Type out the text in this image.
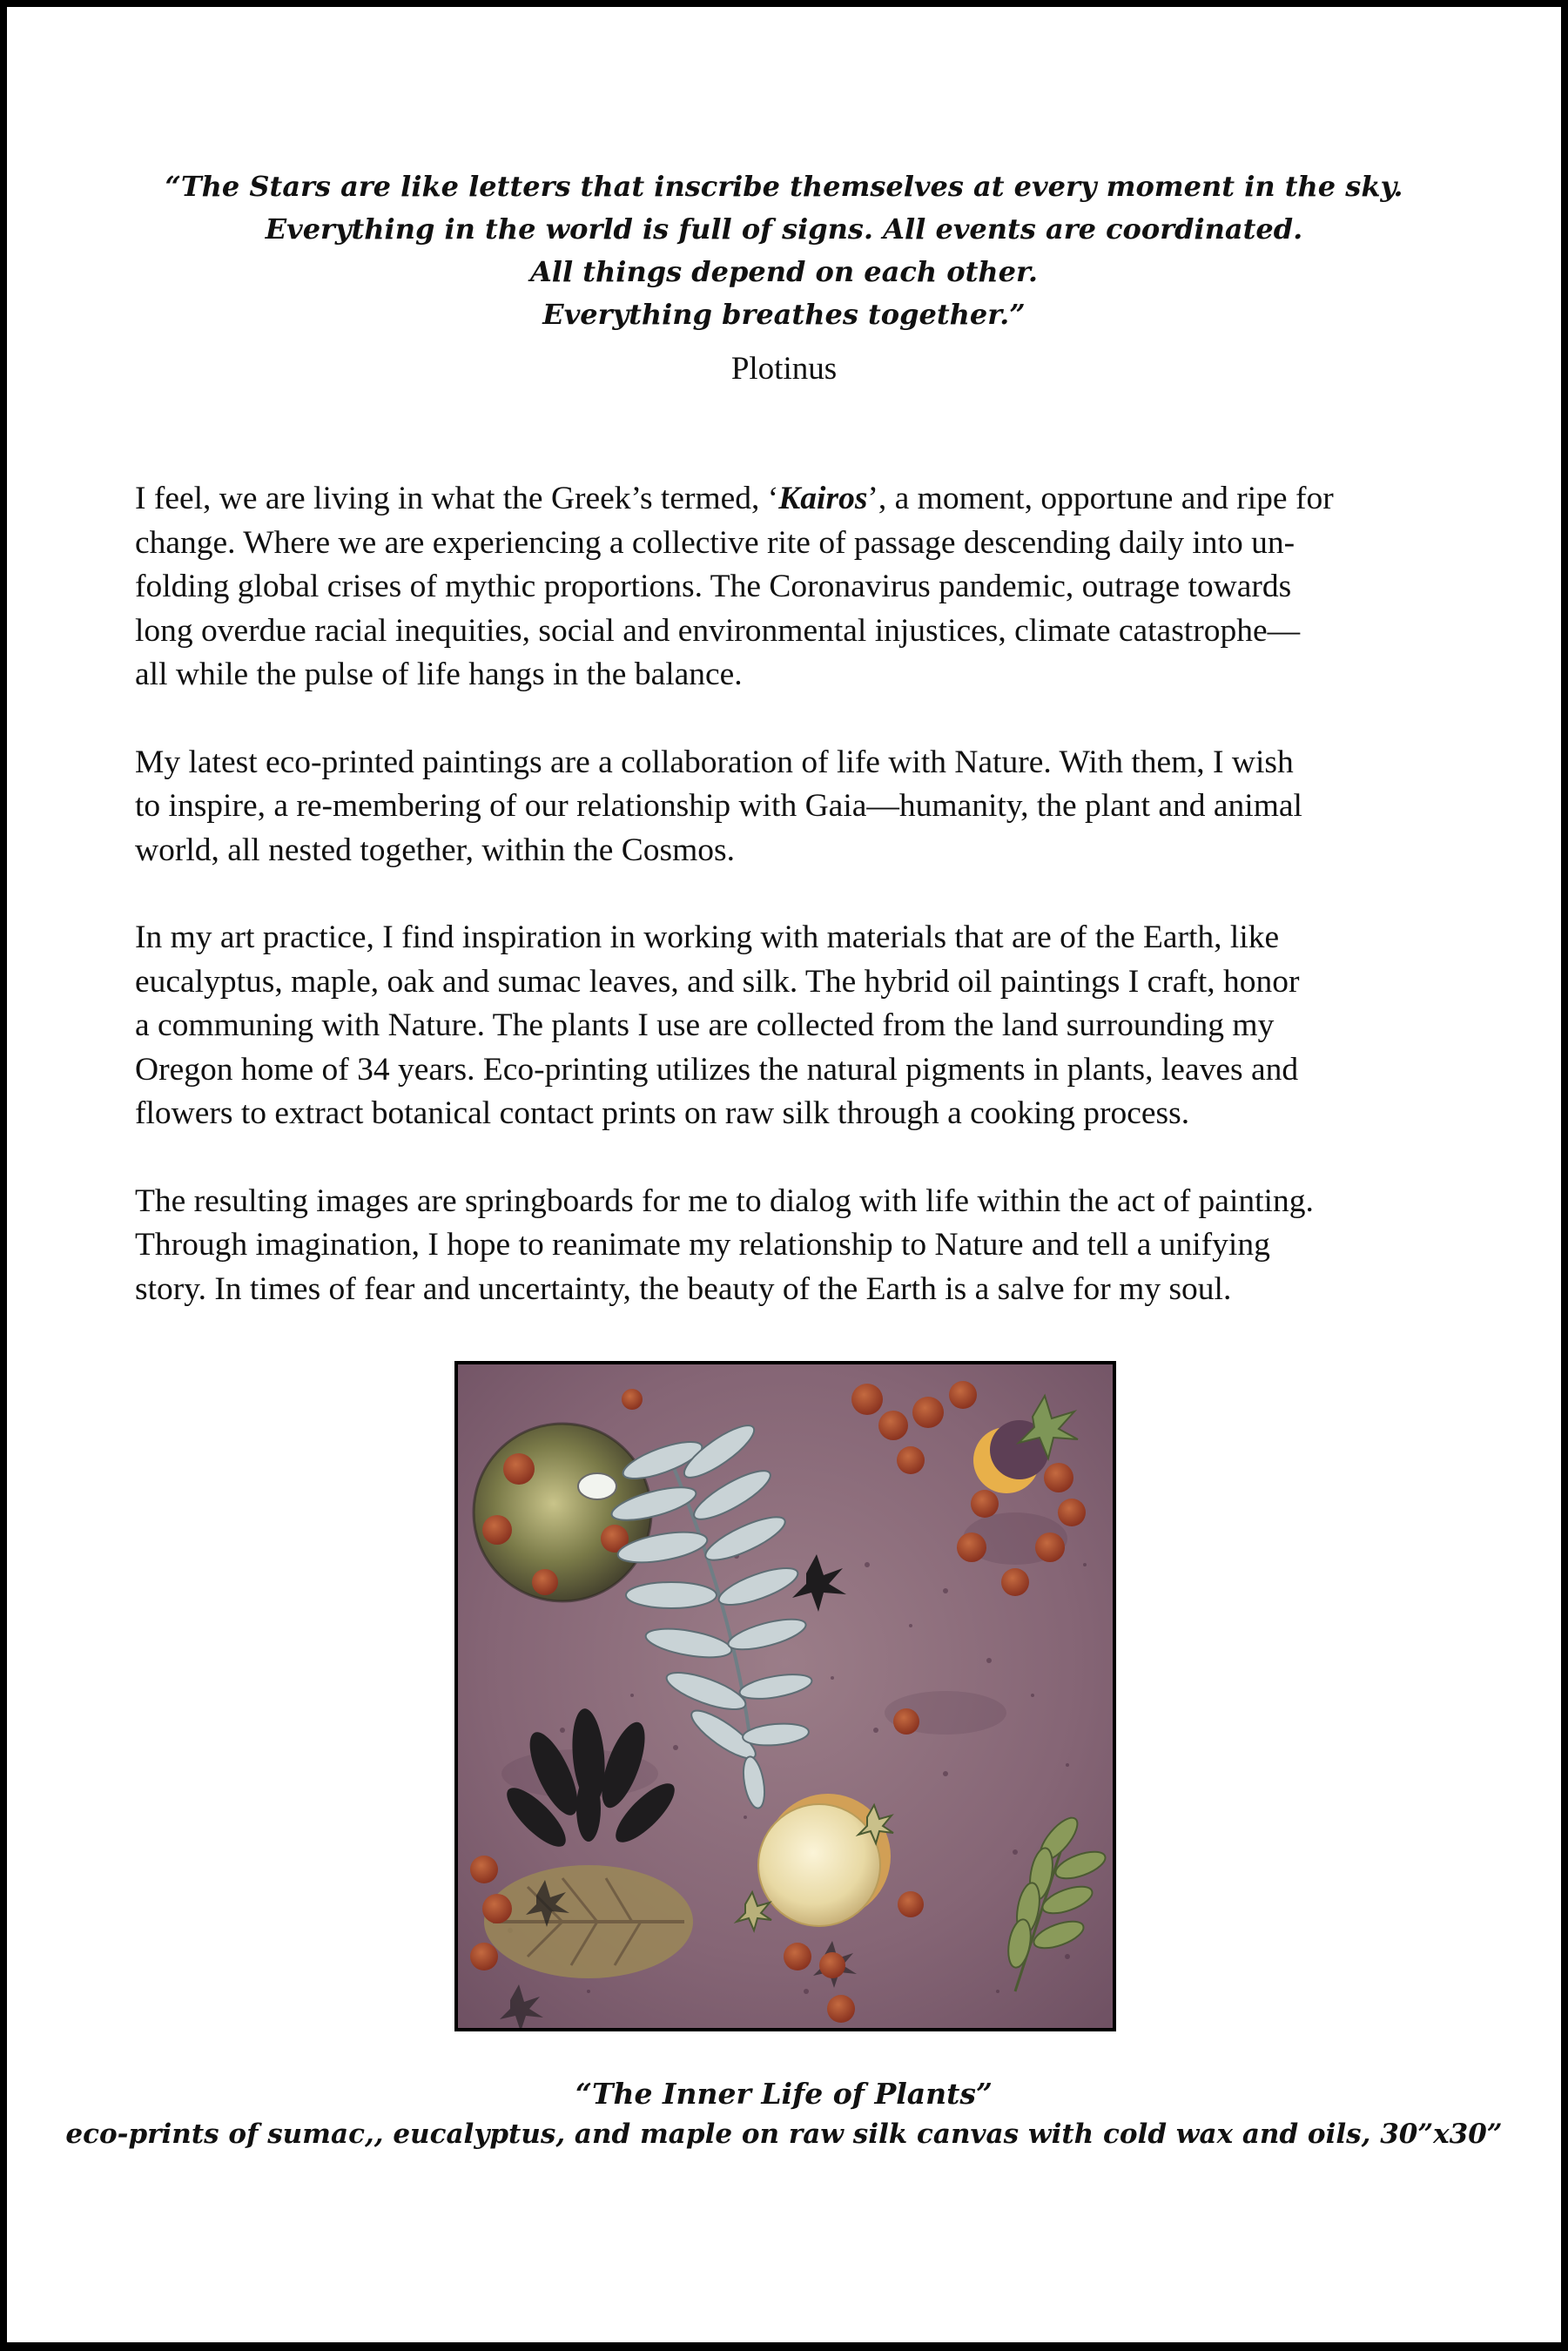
“The Stars are like letters that inscribe themselves at every moment in the sky.
Everything in the world is full of signs. All events are coordinated.
All things depend on each other.
Everything breathes together.”
Plotinus

I feel, we are living in what the Greek’s termed, ‘Kairos’, a moment, opportune and ripe for
change. Where we are experiencing a collective rite of passage descending daily into un-
folding global crises of mythic proportions. The Coronavirus pandemic, outrage towards
long overdue racial inequities, social and environmental injustices, climate catastrophe—
all while the pulse of life hangs in the balance.

My latest eco-printed paintings are a collaboration of life with Nature. With them, I wish
to inspire, a re-membering of our relationship with Gaia—humanity, the plant and animal
world, all nested together, within the Cosmos.

In my art practice, I find inspiration in working with materials that are of the Earth, like
eucalyptus, maple, oak and sumac leaves, and silk. The hybrid oil paintings I craft, honor
a communing with Nature. The plants I use are collected from the land surrounding my
Oregon home of 34 years. Eco-printing utilizes the natural pigments in plants, leaves and
flowers to extract botanical contact prints on raw silk through a cooking process.

The resulting images are springboards for me to dialog with life within the act of painting.
Through imagination, I hope to reanimate my relationship to Nature and tell a unifying
story. In times of fear and uncertainty, the beauty of the Earth is a salve for my soul.

“The Inner Life of Plants”
eco-prints of sumac,, eucalyptus, and maple on raw silk canvas with cold wax and oils, 30”x30”
